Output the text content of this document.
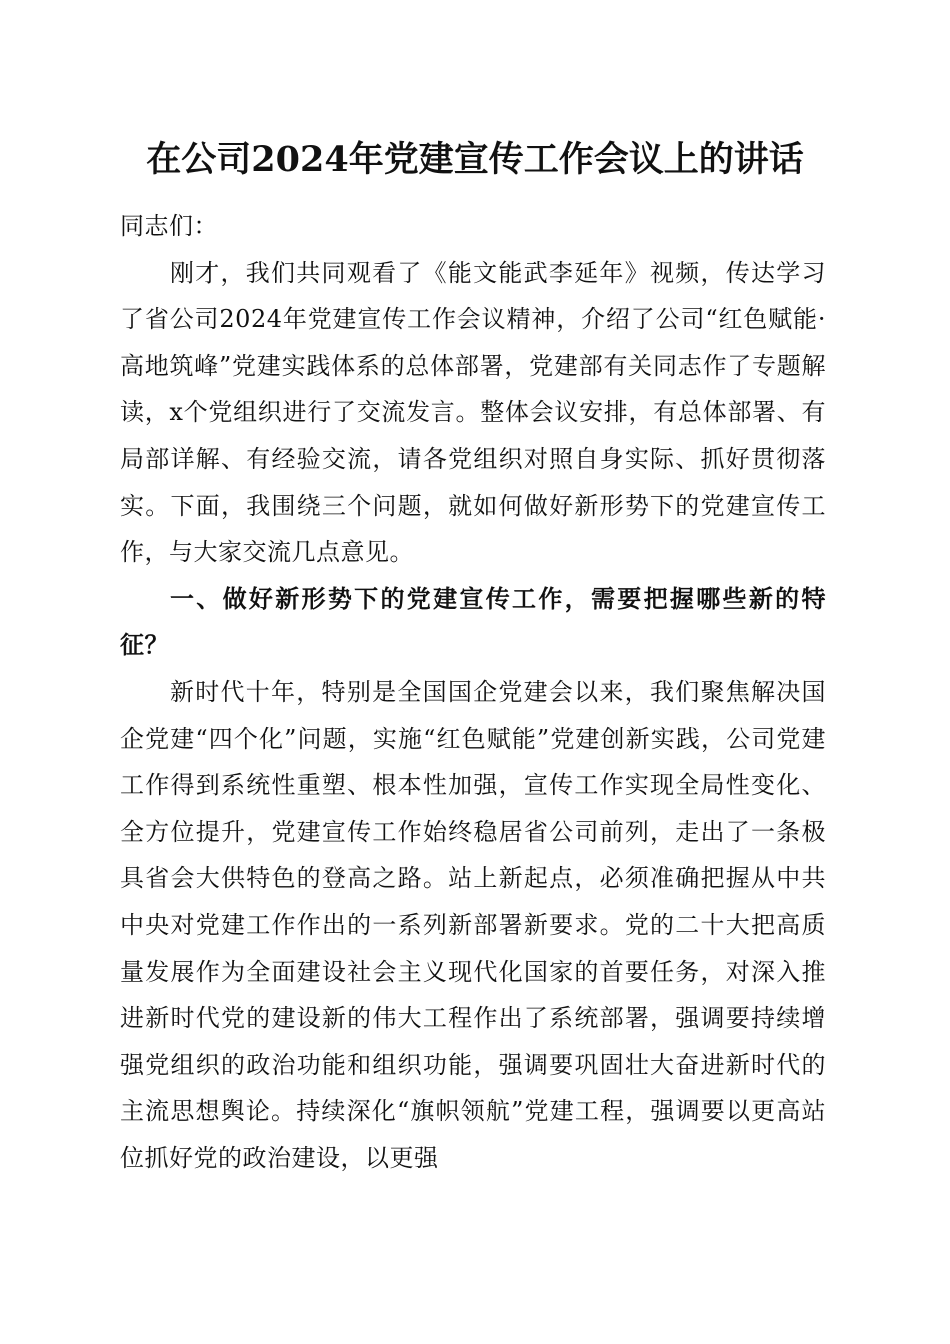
在公司2024年党建宣传工作会议上的讲话

同志们：

刚才，我们共同观看了《能文能武李延年》视频，传达学习了省公司2024年党建宣传工作会议精神，介绍了公司“红色赋能·高地筑峰”党建实践体系的总体部署，党建部有关同志作了专题解读，x个党组织进行了交流发言。整体会议安排，有总体部署、有局部详解、有经验交流，请各党组织对照自身实际、抓好贯彻落实。下面，我围绕三个问题，就如何做好新形势下的党建宣传工作，与大家交流几点意见。

一、做好新形势下的党建宣传工作，需要把握哪些新的特征？

新时代十年，特别是全国国企党建会以来，我们聚焦解决国企党建“四个化”问题，实施“红色赋能”党建创新实践，公司党建工作得到系统性重塑、根本性加强，宣传工作实现全局性变化、全方位提升，党建宣传工作始终稳居省公司前列，走出了一条极具省会大供特色的登高之路。站上新起点，必须准确把握从中共中央对党建工作作出的一系列新部署新要求。党的二十大把高质量发展作为全面建设社会主义现代化国家的首要任务，对深入推进新时代党的建设新的伟大工程作出了系统部署，强调要持续增强党组织的政治功能和组织功能，强调要巩固壮大奋进新时代的主流思想舆论。持续深化“旗帜领航”党建工程，强调要以更高站位抓好党的政治建设，以更强
